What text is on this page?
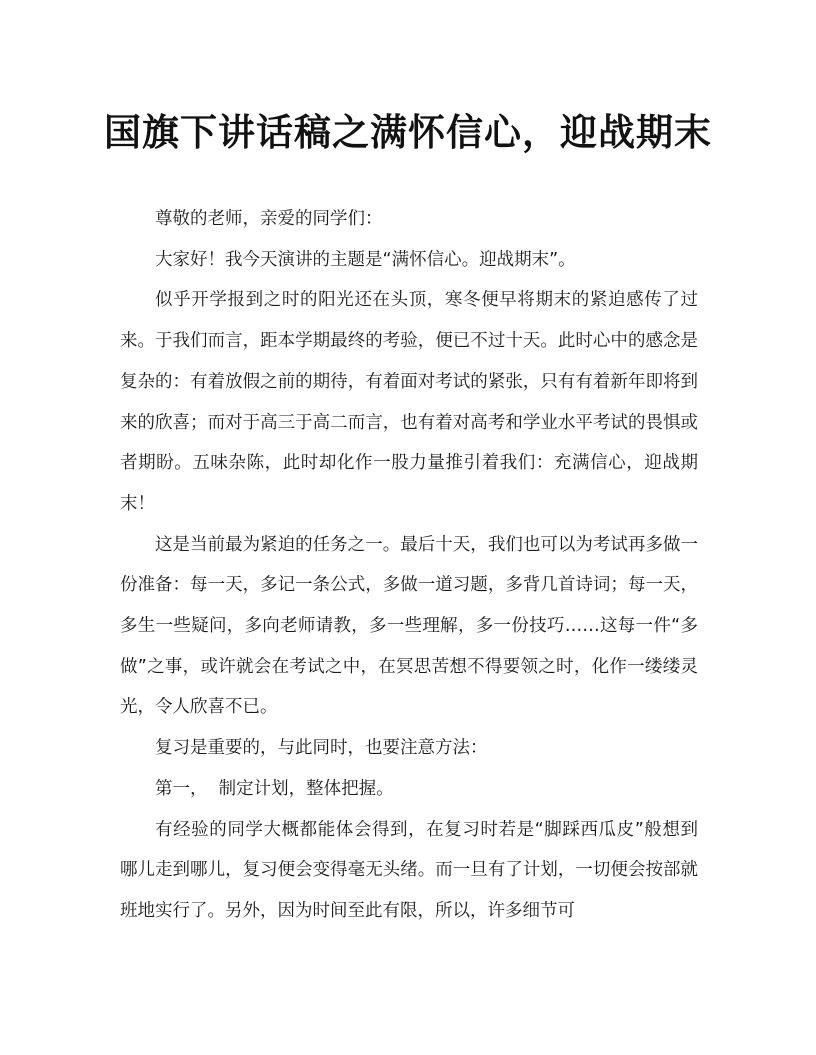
国旗下讲话稿之满怀信心，迎战期末

尊敬的老师，亲爱的同学们：

大家好！我今天演讲的主题是“满怀信心。迎战期末”。

似乎开学报到之时的阳光还在头顶，寒冬便早将期末的紧迫感传了过来。于我们而言，距本学期最终的考验，便已不过十天。此时心中的感念是复杂的：有着放假之前的期待，有着面对考试的紧张，只有有着新年即将到来的欣喜；而对于高三于高二而言，也有着对高考和学业水平考试的畏惧或者期盼。五味杂陈，此时却化作一股力量推引着我们：充满信心，迎战期末！

这是当前最为紧迫的任务之一。最后十天，我们也可以为考试再多做一份准备：每一天，多记一条公式，多做一道习题，多背几首诗词；每一天，多生一些疑问，多向老师请教，多一些理解，多一份技巧……这每一件“多做”之事，或许就会在考试之中，在冥思苦想不得要领之时，化作一缕缕灵光，令人欣喜不已。

复习是重要的，与此同时，也要注意方法：

第一，  制定计划，整体把握。

有经验的同学大概都能体会得到，在复习时若是“脚踩西瓜皮”般想到哪儿走到哪儿，复习便会变得毫无头绪。而一旦有了计划，一切便会按部就班地实行了。另外，因为时间至此有限，所以，许多细节可
